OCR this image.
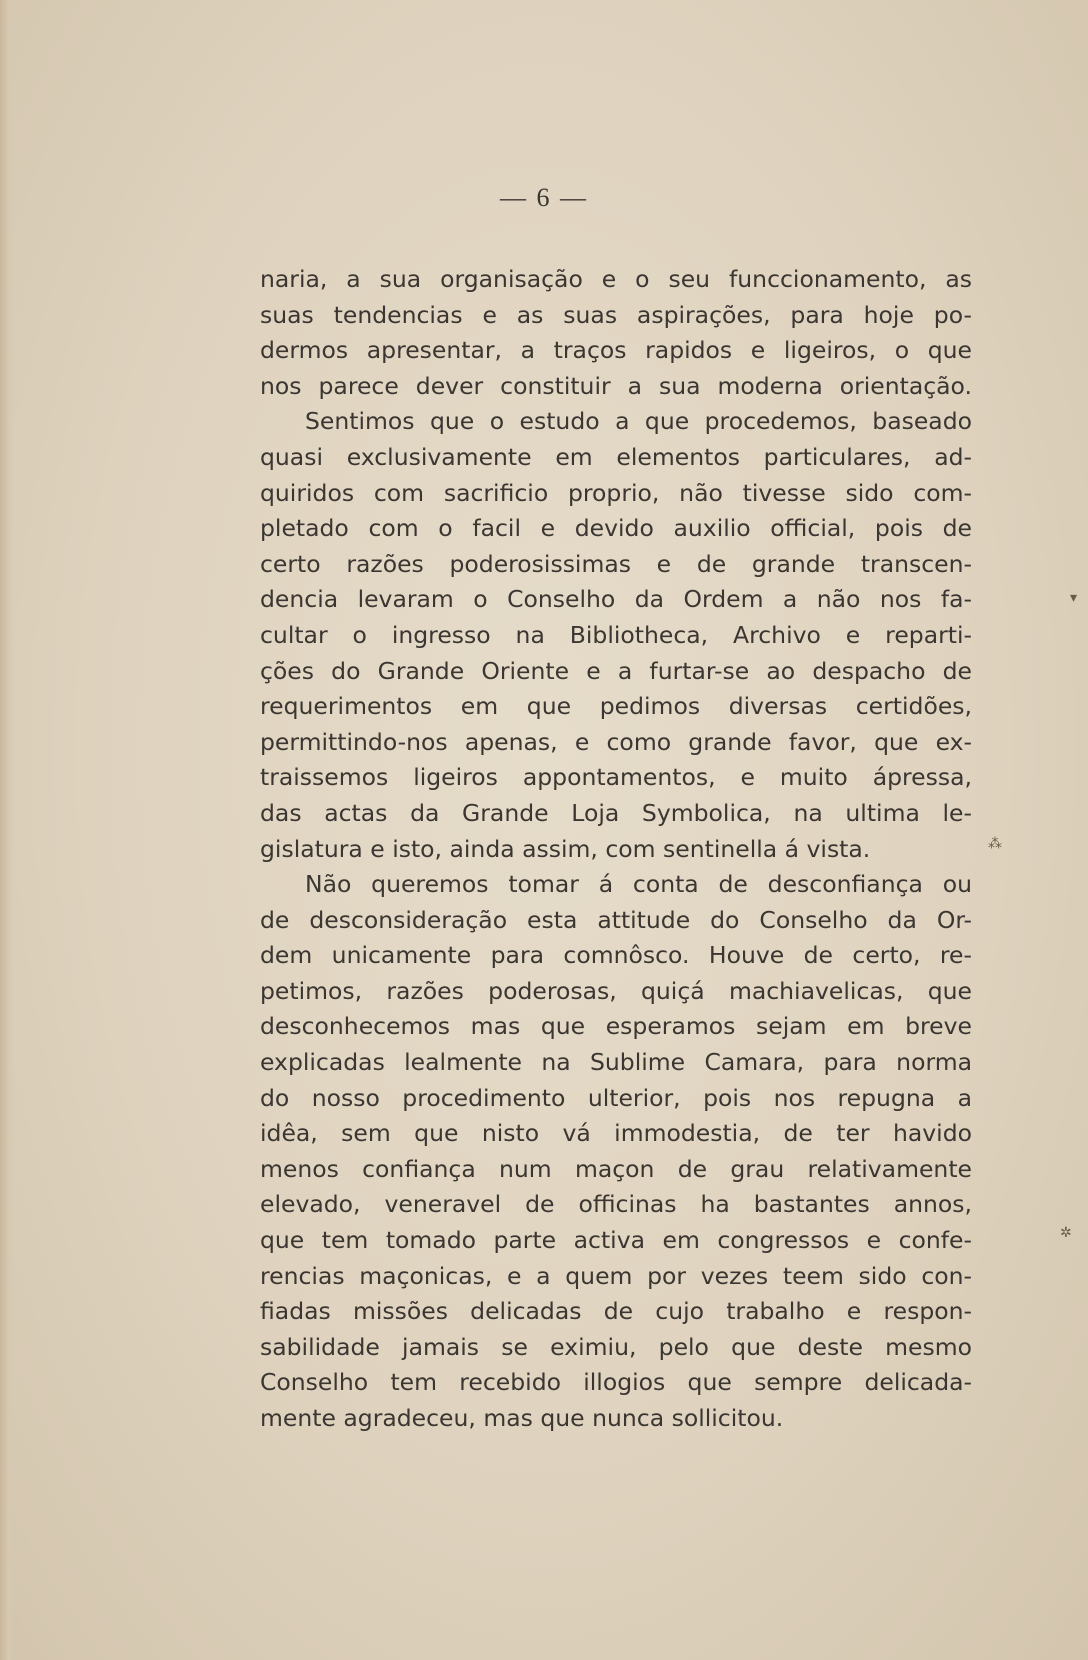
— 6 —
naria, a sua organisação e o seu funccionamento, as
suas tendencias e as suas aspirações, para hoje po-
dermos apresentar, a traços rapidos e ligeiros, o que
nos parece dever constituir a sua moderna orientação.
Sentimos que o estudo a que procedemos, baseado
quasi exclusivamente em elementos particulares, ad-
quiridos com sacrificio proprio, não tivesse sido com-
pletado com o facil e devido auxilio official, pois de
certo razões poderosissimas e de grande transcen-
dencia levaram o Conselho da Ordem a não nos fa-
cultar o ingresso na Bibliotheca, Archivo e reparti-
ções do Grande Oriente e a furtar-se ao despacho de
requerimentos em que pedimos diversas certidões,
permittindo-nos apenas, e como grande favor, que ex-
traissemos ligeiros appontamentos, e muito ápressa,
das actas da Grande Loja Symbolica, na ultima le-
gislatura e isto, ainda assim, com sentinella á vista.
Não queremos tomar á conta de desconfiança ou
de desconsideração esta attitude do Conselho da Or-
dem unicamente para comnôsco. Houve de certo, re-
petimos, razões poderosas, quiçá machiavelicas, que
desconhecemos mas que esperamos sejam em breve
explicadas lealmente na Sublime Camara, para norma
do nosso procedimento ulterior, pois nos repugna a
idêa, sem que nisto vá immodestia, de ter havido
menos confiança num maçon de grau relativamente
elevado, veneravel de officinas ha bastantes annos,
que tem tomado parte activa em congressos e confe-
rencias maçonicas, e a quem por vezes teem sido con-
fiadas missões delicadas de cujo trabalho e respon-
sabilidade jamais se eximiu, pelo que deste mesmo
Conselho tem recebido illogios que sempre delicada-
mente agradeceu, mas que nunca sollicitou.
▾
⁂
✲
